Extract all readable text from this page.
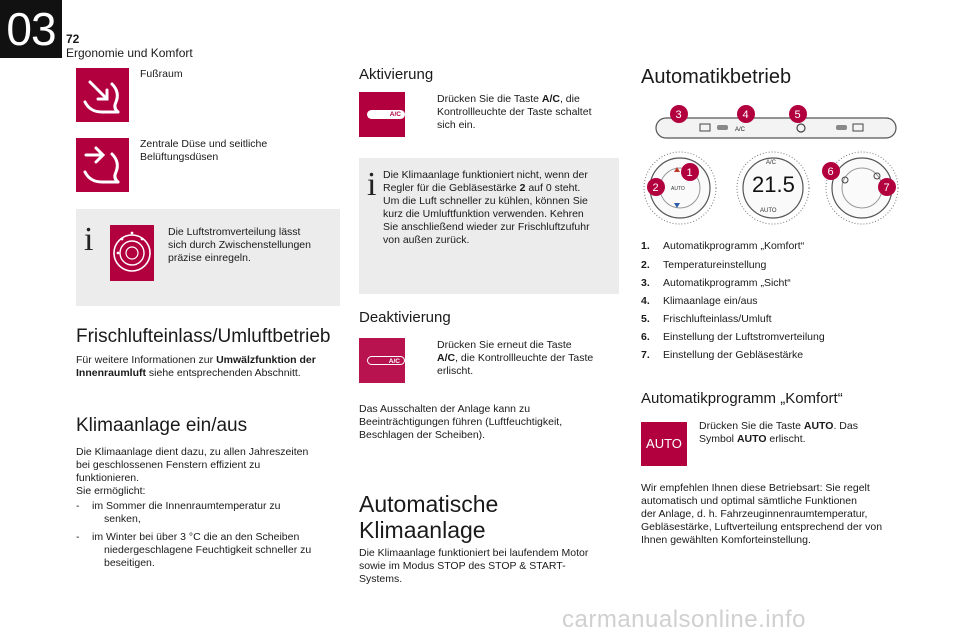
03 72
Ergonomie und Komfort
Fußraum
Zentrale Düse und seitliche
Belüftungsdüsen
i	Die Luftstromverteilung lässt
sich durch Zwischenstellungen
präzise einregeln.
Frischlufteinlass/Umluftbetrieb
Für weitere Informationen zur Umwälzfunktion der
Innenraumluft siehe entsprechenden Abschnitt.
Klimaanlage ein/aus
Die Klimaanlage dient dazu, zu allen Jahreszeiten
bei geschlossenen Fenstern effizient zu
funktionieren.
Sie ermöglicht:
- im Sommer die Innenraumtemperatur zu
senken,
- im Winter bei über 3 °C die an den Scheiben
niedergeschlagene Feuchtigkeit schneller zu
beseitigen.
Aktivierung
A/C
Drücken Sie die Taste A/C, die
Kontrollleuchte der Taste schaltet
sich ein.
i Die Klimaanlage funktioniert nicht, wenn der
Regler für die Gebläsestärke 2 auf 0 steht.
Um die Luft schneller zu kühlen, können Sie
kurz die Umluftfunktion verwenden. Kehren
Sie anschließend wieder zur Frischluftzufuhr
von außen zurück.
Deaktivierung
A/C
Drücken Sie erneut die Taste
A/C, die Kontrollleuchte der Taste
erlischt.
Das Ausschalten der Anlage kann zu
Beeinträchtigungen führen (Luftfeuchtigkeit,
Beschlagen der Scheiben).
Automatische
Klimaanlage
Die Klimaanlage funktioniert bei laufendem Motor
sowie im Modus STOP des STOP & START-
Systems.
Automatikbetrieb
A/C
AUTO
A/C
21.5
AUTO
3	4	5
1
2
6
7
1. Automatikprogramm „Komfort“
2. Temperatureinstellung
3. Automatikprogramm „Sicht“
4. Klimaanlage ein/aus
5. Frischlufteinlass/Umluft
6. Einstellung der Luftstromverteilung
7. Einstellung der Gebläsestärke
Automatikprogramm „Komfort“
AUTO
Drücken Sie die Taste AUTO. Das
Symbol AUTO erlischt.
Wir empfehlen Ihnen diese Betriebsart: Sie regelt
automatisch und optimal sämtliche Funktionen
der Anlage, d. h. Fahrzeuginnenraumtemperatur,
Gebläsestärke, Luftverteilung entsprechend der von
Ihnen gewählten Komforteinstellung.
carmanualsonline.info
